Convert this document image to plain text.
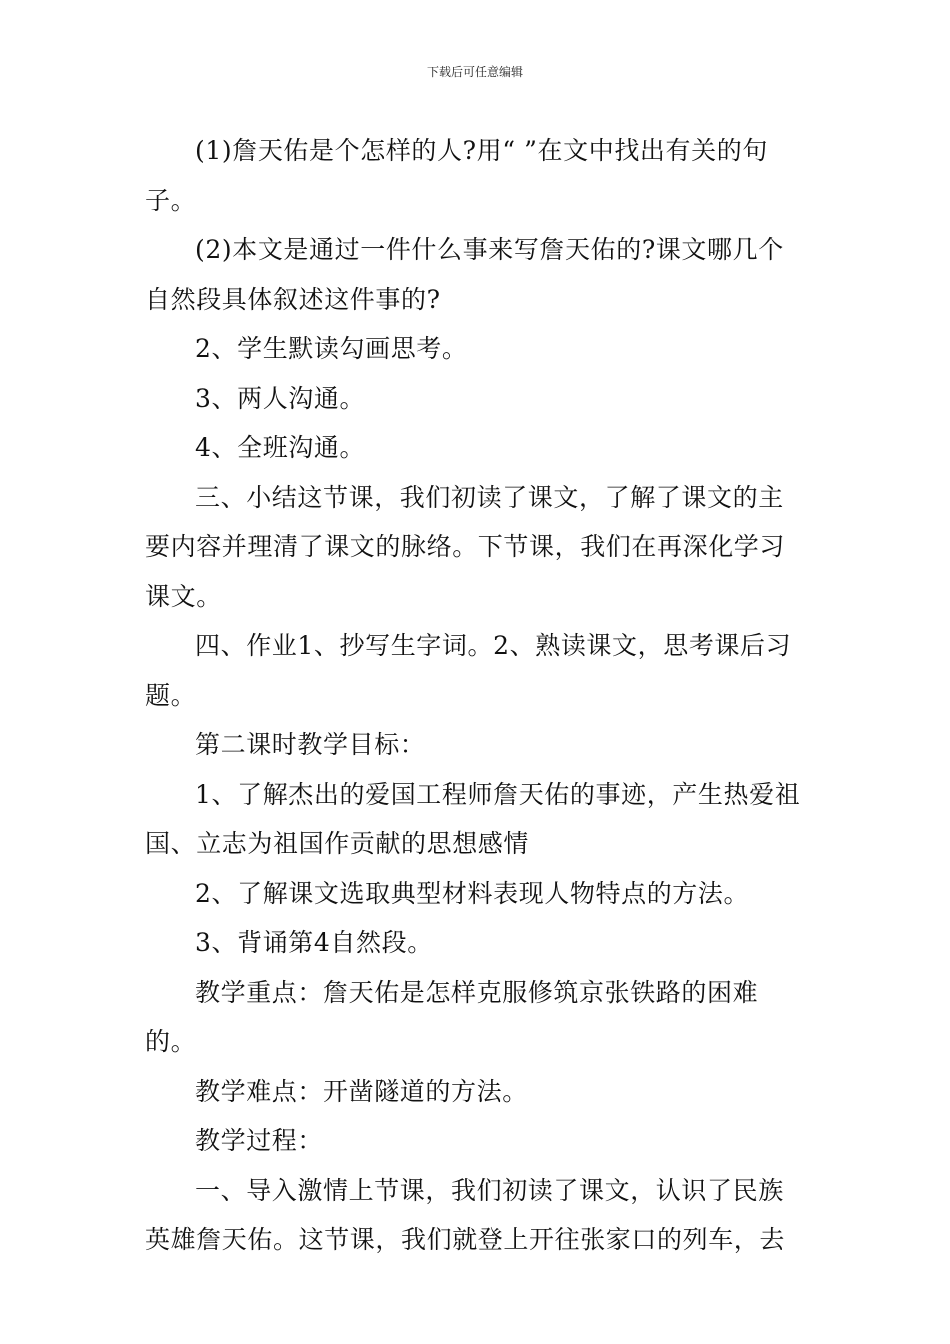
下载后可任意编辑

(1)詹天佑是个怎样的人?用“ ”在文中找出有关的句子。

(2)本文是通过一件什么事来写詹天佑的?课文哪几个自然段具体叙述这件事的?

2、学生默读勾画思考。

3、两人沟通。

4、全班沟通。

三、小结这节课，我们初读了课文，了解了课文的主要内容并理清了课文的脉络。下节课，我们在再深化学习课文。

四、作业1、抄写生字词。2、熟读课文，思考课后习题。

第二课时教学目标：

1、了解杰出的爱国工程师詹天佑的事迹，产生热爱祖国、立志为祖国作贡献的思想感情

2、了解课文选取典型材料表现人物特点的方法。

3、背诵第4自然段。

教学重点：詹天佑是怎样克服修筑京张铁路的困难的。

教学难点：开凿隧道的方法。

教学过程：

一、导入激情上节课，我们初读了课文，认识了民族英雄詹天佑。这节课，我们就登上开往张家口的列车，去
